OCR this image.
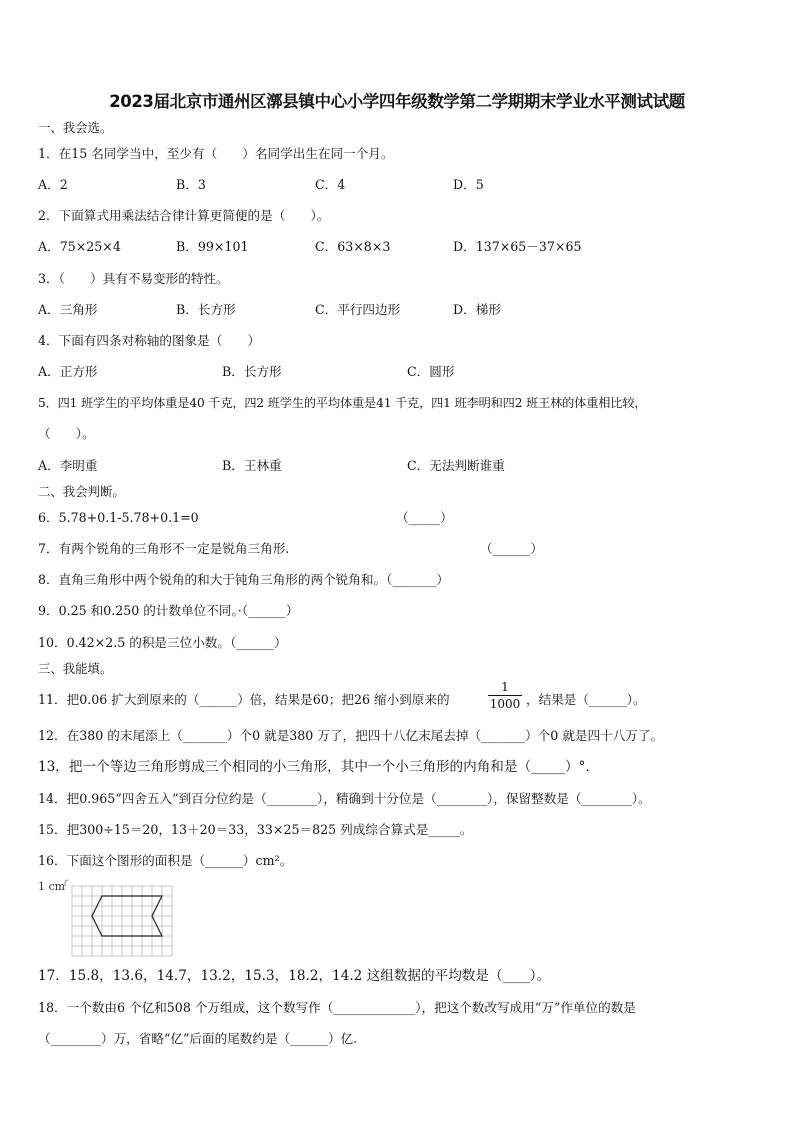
2023届北京市通州区漷县镇中心小学四年级数学第二学期期末学业水平测试试题
一、我会选。
1．在15 名同学当中，至少有（　　）名同学出生在同一个月。
A．2	B．3	C．4	D．5
2．下面算式用乘法结合律计算更简便的是（　　）。
A．75×25×4	B．99×101	C．63×8×3	D．137×65－37×65
3．（　　）具有不易变形的特性。
A．三角形	B．长方形	C．平行四边形	D．梯形
4．下面有四条对称轴的图象是（　　）
A．正方形	B．长方形	C．圆形
5．四1 班学生的平均体重是40 千克，四2 班学生的平均体重是41 千克，四1 班李明和四2 班王林的体重相比较，
（　　）。
A．李明重	B．王林重	C．无法判断谁重
二、我会判断。
6．5.78+0.1-5.78+0.1=0	（_____）
7．有两个锐角的三角形不一定是锐角三角形.	（______）
8．直角三角形中两个锐角的和大于钝角三角形的两个锐角和。（_______）
9．0.25 和0.250 的计数单位不同。·（______）
10．0.42×2.5 的积是三位小数。（______）
三、我能填。
11．把0.06 扩大到原来的（______）倍，结果是60；把26 缩小到原来的	$\frac{1}{1000}$ ，结果是（______）。
12．在380 的末尾添上（_______）个0 就是380 万了，把四十八亿末尾去掉（_______）个0 就是四十八万了。
13．把一个等边三角形剪成三个相同的小三角形，其中一个小三角形的内角和是（_____）°．
14．把0.965“四舍五入”到百分位约是（________），精确到十分位是（________），保留整数是（________）。
15．把300÷15＝20，13＋20＝33，33×25＝825 列成综合算式是_____。
16．下面这个图形的面积是（______）cm²。
1 cm
17．15.8，13.6，14.7，13.2，15.3，18.2，14.2 这组数据的平均数是（____）。
18．一个数由6 个亿和508 个万组成，这个数写作（_____________），把这个数改写成用“万”作单位的数是
（________）万，省略“亿”后面的尾数约是（______）亿.
